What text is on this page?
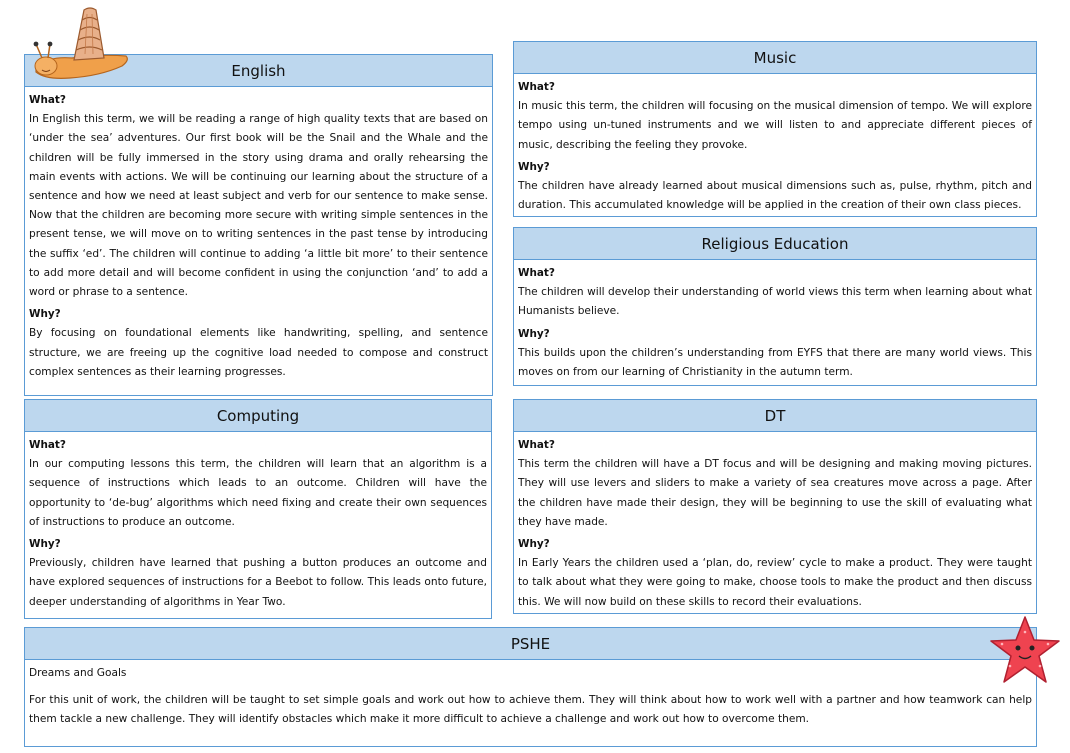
English
What?
In English this term, we will be reading a range of high quality texts that are based on ‘under the sea’ adventures. Our first book will be the Snail and the Whale and the children will be fully immersed in the story using drama and orally rehearsing the main events with actions. We will be continuing our learning about the structure of a sentence and how we need at least subject and verb for our sentence to make sense. Now that the children are becoming more secure with writing simple sentences in the present tense, we will move on to writing sentences in the past tense by introducing the suffix ‘ed’. The children will continue to adding ‘a little bit more’ to their sentence to add more detail and will become confident in using the conjunction ‘and’ to add a word or phrase to a sentence.
Why?
By focusing on foundational elements like handwriting, spelling, and sentence structure, we are freeing up the cognitive load needed to compose and construct complex sentences as their learning progresses.
Computing
What?
In our computing lessons this term, the children will learn that an algorithm is a sequence of instructions which leads to an outcome. Children will have the opportunity to ‘de-bug’ algorithms which need fixing and create their own sequences of instructions to produce an outcome.
Why?
Previously, children have learned that pushing a button produces an outcome and have explored sequences of instructions for a Beebot to follow. This leads onto future, deeper understanding of algorithms in Year Two.
Music
What?
In music this term, the children will focusing on the musical dimension of tempo. We will explore tempo using un-tuned instruments and we will listen to and appreciate different pieces of music, describing the feeling they provoke.
Why?
The children have already learned about musical dimensions such as, pulse, rhythm, pitch and duration. This accumulated knowledge will be applied in the creation of their own class pieces.
Religious Education
What?
The children will develop their understanding of world views this term when learning about what Humanists believe.
Why?
This builds upon the children’s understanding from EYFS that there are many world views. This moves on from our learning of Christianity in the autumn term.
DT
What?
This term the children will have a DT focus and will be designing and making moving pictures. They will use levers and sliders to make a variety of sea creatures move across a page. After the children have made their design, they will be beginning to use the skill of evaluating what they have made.
Why?
In Early Years the children used a ‘plan, do, review’ cycle to make a product. They were taught to talk about what they were going to make, choose tools to make the product and then discuss this. We will now build on these skills to record their evaluations.
PSHE
Dreams and Goals
For this unit of work, the children will be taught to set simple goals and work out how to achieve them. They will think about how to work well with a partner and how teamwork can help them tackle a new challenge. They will identify obstacles which make it more difficult to achieve a challenge and work out how to overcome them.
